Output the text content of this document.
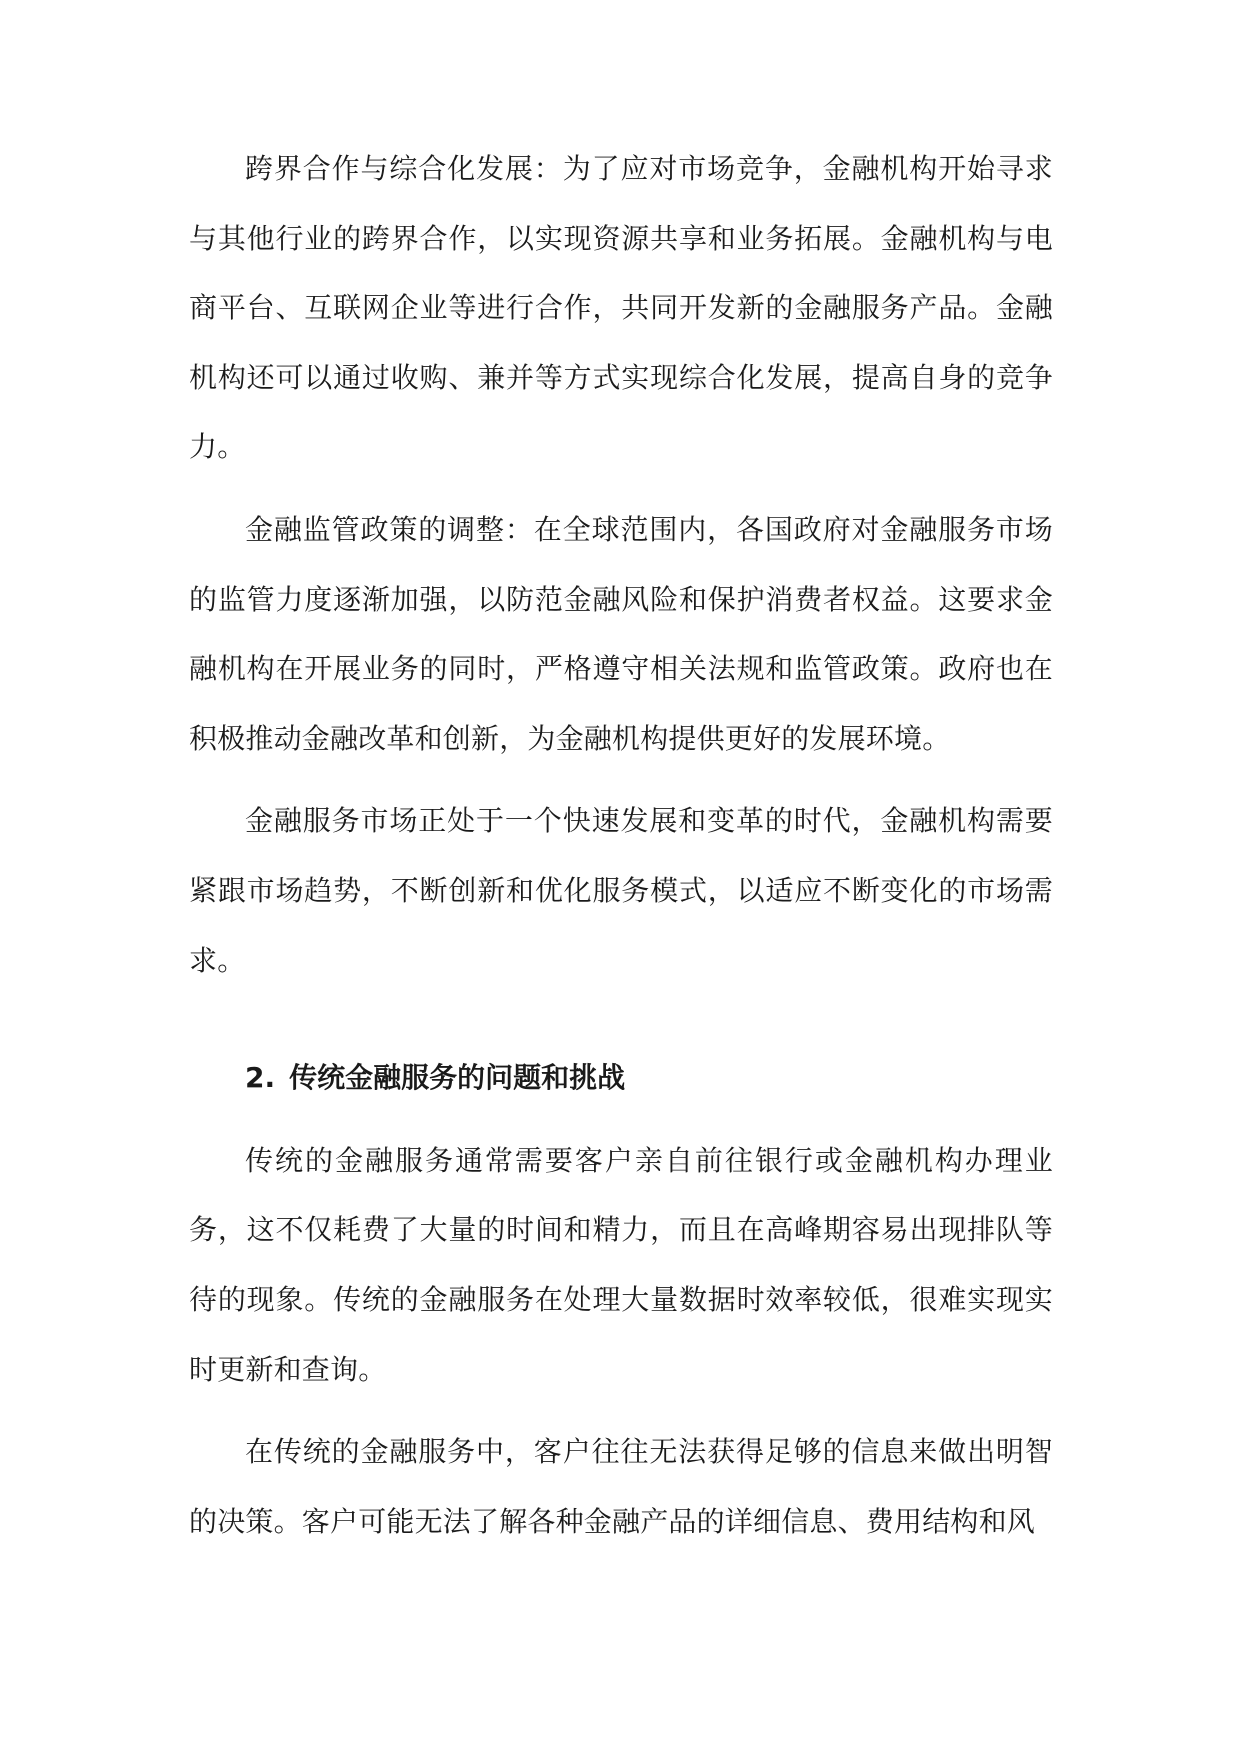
跨界合作与综合化发展：为了应对市场竞争，金融机构开始寻求与其他行业的跨界合作，以实现资源共享和业务拓展。金融机构与电商平台、互联网企业等进行合作，共同开发新的金融服务产品。金融机构还可以通过收购、兼并等方式实现综合化发展，提高自身的竞争力。

金融监管政策的调整：在全球范围内，各国政府对金融服务市场的监管力度逐渐加强，以防范金融风险和保护消费者权益。这要求金融机构在开展业务的同时，严格遵守相关法规和监管政策。政府也在积极推动金融改革和创新，为金融机构提供更好的发展环境。

金融服务市场正处于一个快速发展和变革的时代，金融机构需要紧跟市场趋势，不断创新和优化服务模式，以适应不断变化的市场需求。

2. 传统金融服务的问题和挑战

传统的金融服务通常需要客户亲自前往银行或金融机构办理业务，这不仅耗费了大量的时间和精力，而且在高峰期容易出现排队等待的现象。传统的金融服务在处理大量数据时效率较低，很难实现实时更新和查询。

在传统的金融服务中，客户往往无法获得足够的信息来做出明智的决策。客户可能无法了解各种金融产品的详细信息、费用结构和风
